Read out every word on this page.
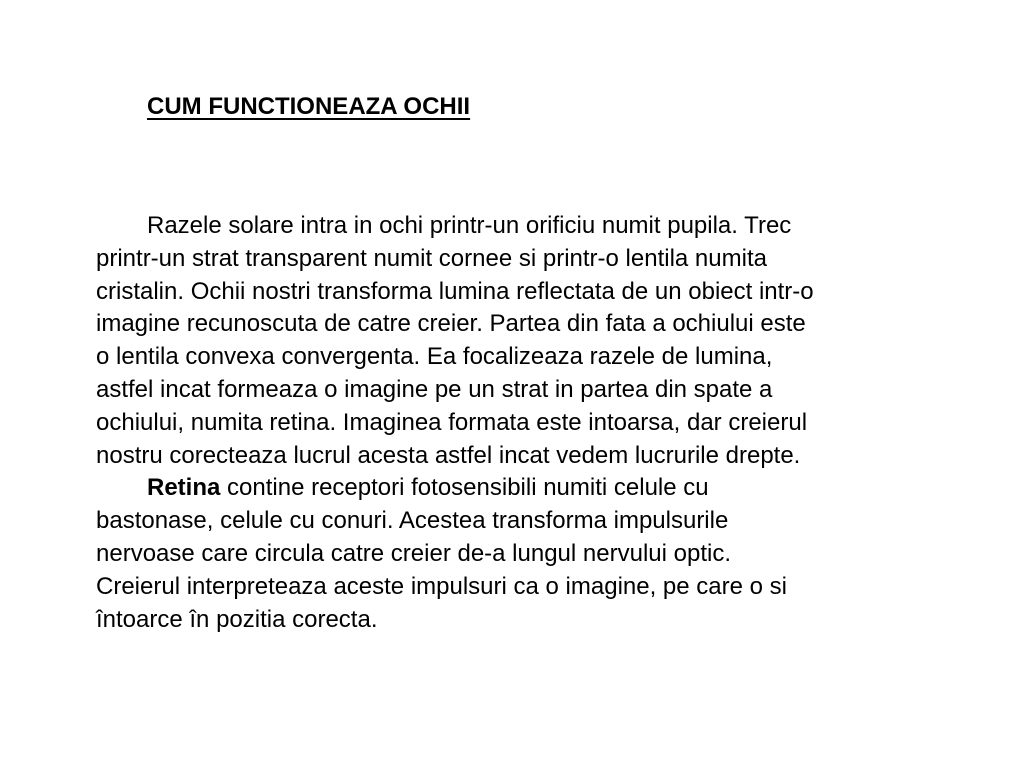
CUM FUNCTIONEAZA OCHII
Razele solare intra in ochi printr-un orificiu numit pupila. Trec
printr-un strat transparent numit cornee si printr-o lentila numita
cristalin. Ochii nostri transforma lumina reflectata de un obiect intr-o
imagine recunoscuta de catre creier. Partea din fata a ochiului este
o lentila convexa convergenta. Ea focalizeaza razele de lumina,
astfel incat formeaza o imagine pe un strat in partea din spate a
ochiului, numita retina. Imaginea formata este intoarsa, dar creierul
nostru corecteaza lucrul acesta astfel incat vedem lucrurile drepte.
Retina contine receptori fotosensibili numiti celule cu
bastonase, celule cu conuri. Acestea transforma impulsurile
nervoase care circula catre creier de-a lungul nervului optic.
Creierul interpreteaza aceste impulsuri ca o imagine, pe care o si
întoarce în pozitia corecta.
